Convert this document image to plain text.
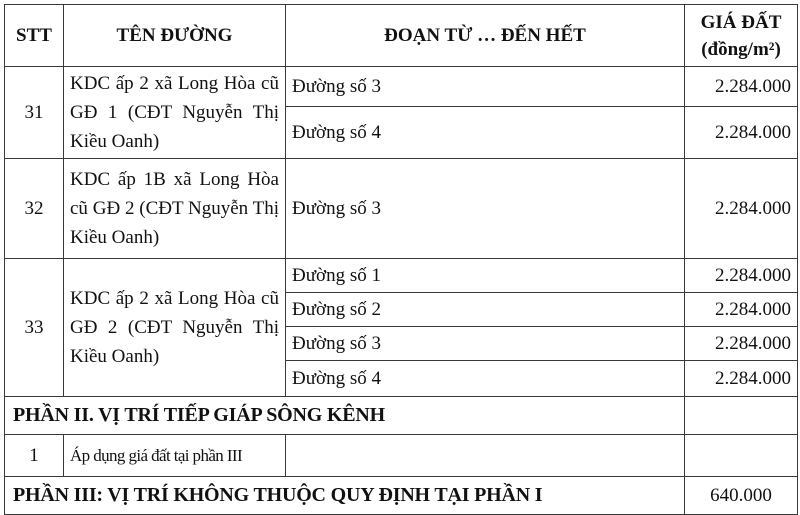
STT	TÊN ĐƯỜNG	ĐOẠN TỪ … ĐẾN HẾT	GIÁ ĐẤT
(đồng/m²)

31	KDC ấp 2 xã Long Hòa cũ GĐ 1 (CĐT Nguyễn Thị Kiều Oanh)	Đường số 3	2.284.000
		Đường số 4	2.284.000
32	KDC ấp 1B xã Long Hòa cũ GĐ 2 (CĐT Nguyễn Thị Kiều Oanh)	Đường số 3	2.284.000
33	KDC ấp 2 xã Long Hòa cũ GĐ 2 (CĐT Nguyễn Thị Kiều Oanh)	Đường số 1	2.284.000
		Đường số 2	2.284.000
		Đường số 3	2.284.000
		Đường số 4	2.284.000
PHẦN II. VỊ TRÍ TIẾP GIÁP SÔNG KÊNH			
1	Áp dụng giá đất tại phần III		
PHẦN III: VỊ TRÍ KHÔNG THUỘC QUY ĐỊNH TẠI PHẦN I			640.000
